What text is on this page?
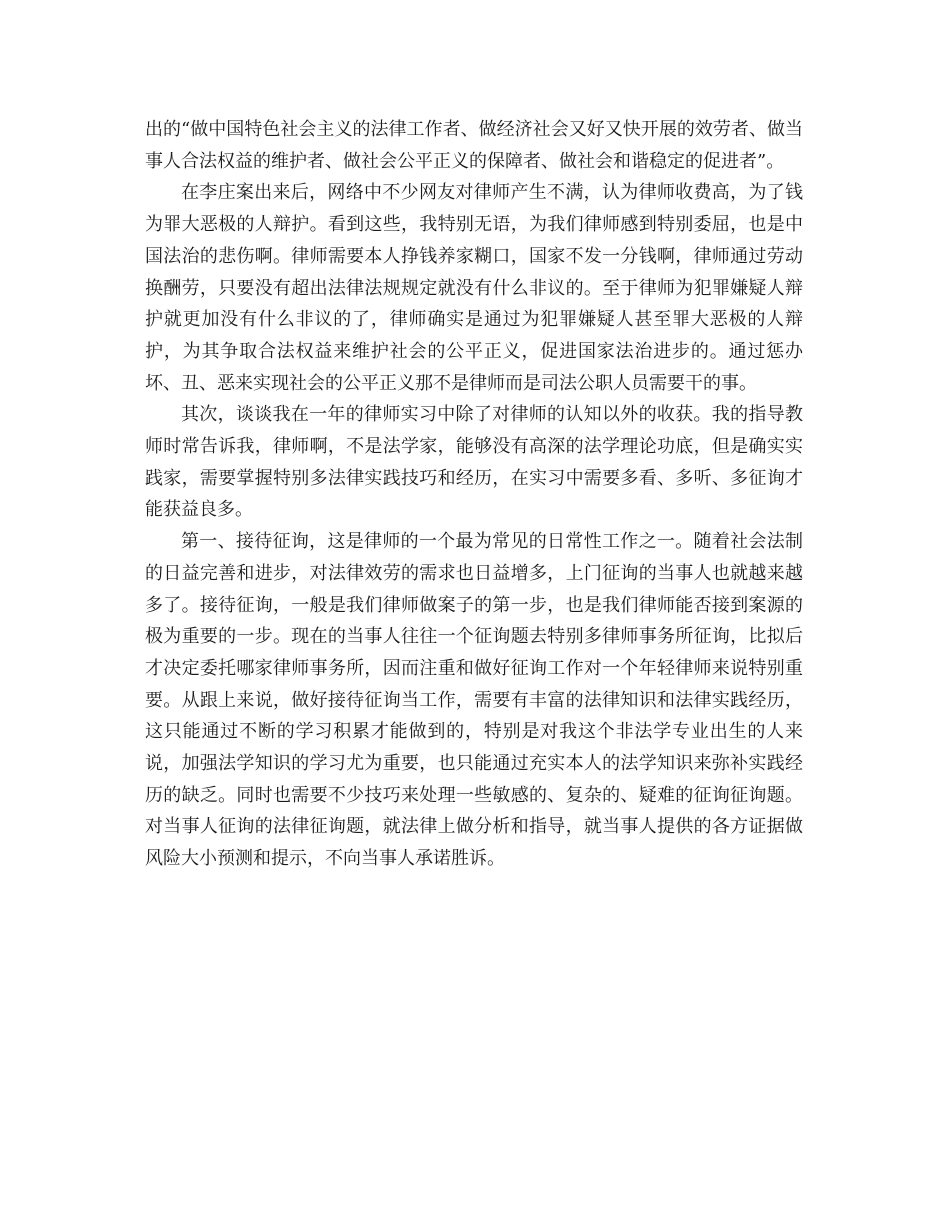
出的“做中国特色社会主义的法律工作者、做经济社会又好又快开展的效劳者、做当事人合法权益的维护者、做社会公平正义的保障者、做社会和谐稳定的促进者”。

在李庄案出来后，网络中不少网友对律师产生不满，认为律师收费高，为了钱为罪大恶极的人辩护。看到这些，我特别无语，为我们律师感到特别委屈，也是中国法治的悲伤啊。律师需要本人挣钱养家糊口，国家不发一分钱啊，律师通过劳动换酬劳，只要没有超出法律法规规定就没有什么非议的。至于律师为犯罪嫌疑人辩护就更加没有什么非议的了，律师确实是通过为犯罪嫌疑人甚至罪大恶极的人辩护，为其争取合法权益来维护社会的公平正义，促进国家法治进步的。通过惩办坏、丑、恶来实现社会的公平正义那不是律师而是司法公职人员需要干的事。

其次，谈谈我在一年的律师实习中除了对律师的认知以外的收获。我的指导教师时常告诉我，律师啊，不是法学家，能够没有高深的法学理论功底，但是确实实践家，需要掌握特别多法律实践技巧和经历，在实习中需要多看、多听、多征询才能获益良多。

第一、接待征询，这是律师的一个最为常见的日常性工作之一。随着社会法制的日益完善和进步，对法律效劳的需求也日益增多，上门征询的当事人也就越来越多了。接待征询，一般是我们律师做案子的第一步，也是我们律师能否接到案源的极为重要的一步。现在的当事人往往一个征询题去特别多律师事务所征询，比拟后才决定委托哪家律师事务所，因而注重和做好征询工作对一个年轻律师来说特别重要。从跟上来说，做好接待征询当工作，需要有丰富的法律知识和法律实践经历，这只能通过不断的学习积累才能做到的，特别是对我这个非法学专业出生的人来说，加强法学知识的学习尤为重要，也只能通过充实本人的法学知识来弥补实践经历的缺乏。同时也需要不少技巧来处理一些敏感的、复杂的、疑难的征询征询题。对当事人征询的法律征询题，就法律上做分析和指导，就当事人提供的各方证据做风险大小预测和提示，不向当事人承诺胜诉。
